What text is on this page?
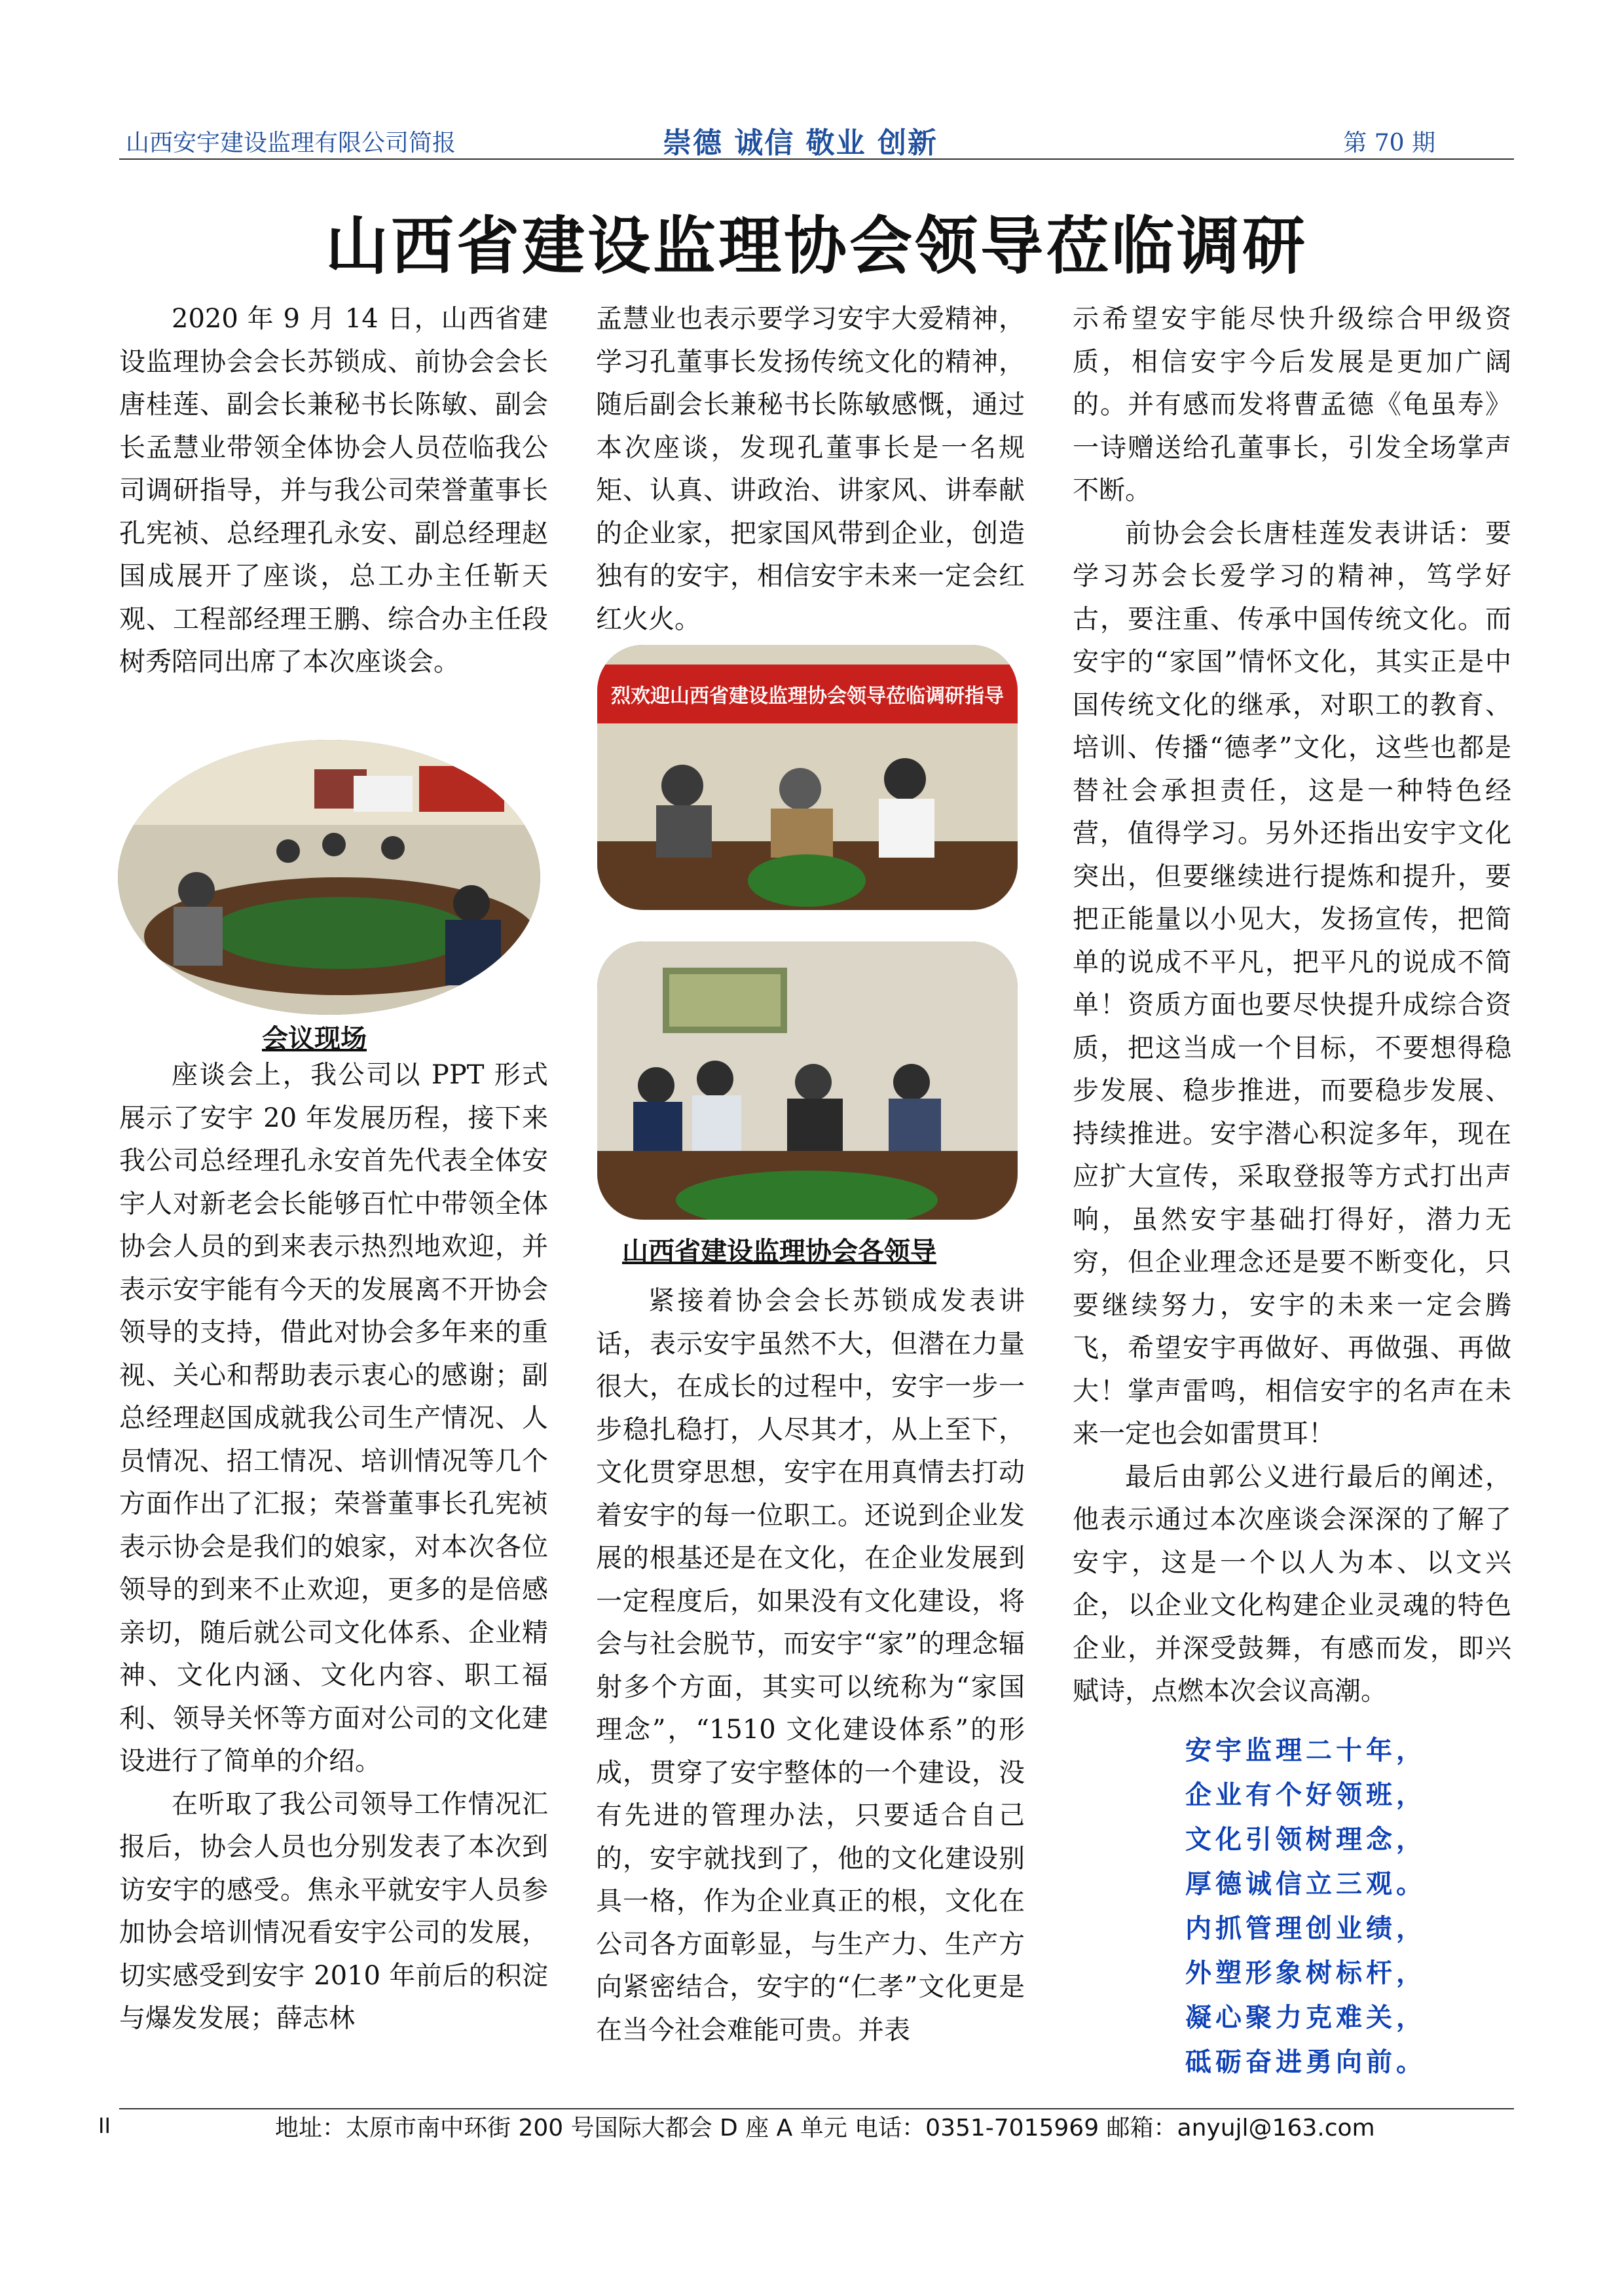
山西安宇建设监理有限公司简报	崇德 诚信 敬业 创新	第 70 期
山西省建设监理协会领导莅临调研

2020 年 9 月 14 日，山西省建设监理协会会长苏锁成、前协会会长唐桂莲、副会长兼秘书长陈敏、副会长孟慧业带领全体协会人员莅临我公司调研指导，并与我公司荣誉董事长孔宪祯、总经理孔永安、副总经理赵国成展开了座谈，总工办主任靳天观、工程部经理王鹏、综合办主任段树秀陪同出席了本次座谈会。

会议现场

座谈会上，我公司以 PPT 形式展示了安宇 20 年发展历程，接下来我公司总经理孔永安首先代表全体安宇人对新老会长能够百忙中带领全体协会人员的到来表示热烈地欢迎，并表示安宇能有今天的发展离不开协会领导的支持，借此对协会多年来的重视、关心和帮助表示衷心的感谢；副总经理赵国成就我公司生产情况、人员情况、招工情况、培训情况等几个方面作出了汇报；荣誉董事长孔宪祯表示协会是我们的娘家，对本次各位领导的到来不止欢迎，更多的是倍感亲切，随后就公司文化体系、企业精神、文化内涵、文化内容、职工福利、领导关怀等方面对公司的文化建设进行了简单的介绍。

在听取了我公司领导工作情况汇报后，协会人员也分别发表了本次到访安宇的感受。焦永平就安宇人员参加协会培训情况看安宇公司的发展，切实感受到安宇 2010 年前后的积淀与爆发发展；薛志林

孟慧业也表示要学习安宇大爱精神，学习孔董事长发扬传统文化的精神，随后副会长兼秘书长陈敏感慨，通过本次座谈，发现孔董事长是一名规矩、认真、讲政治、讲家风、讲奉献的企业家，把家国风带到企业，创造独有的安宇，相信安宇未来一定会红红火火。

烈欢迎山西省建设监理协会领导莅临调研指导
山西省建设监理协会各领导

紧接着协会会长苏锁成发表讲话，表示安宇虽然不大，但潜在力量很大，在成长的过程中，安宇一步一步稳扎稳打，人尽其才，从上至下，文化贯穿思想，安宇在用真情去打动着安宇的每一位职工。还说到企业发展的根基还是在文化，在企业发展到一定程度后，如果没有文化建设，将会与社会脱节，而安宇“家”的理念辐射多个方面，其实可以统称为“家国理念”，“1510 文化建设体系”的形成，贯穿了安宇整体的一个建设，没有先进的管理办法，只要适合自己的，安宇就找到了，他的文化建设别具一格，作为企业真正的根，文化在公司各方面彰显，与生产力、生产方向紧密结合，安宇的“仁孝”文化更是在当今社会难能可贵。并表

示希望安宇能尽快升级综合甲级资质，相信安宇今后发展是更加广阔的。并有感而发将曹孟德《龟虽寿》一诗赠送给孔董事长，引发全场掌声不断。

前协会会长唐桂莲发表讲话：要学习苏会长爱学习的精神，笃学好古，要注重、传承中国传统文化。而安宇的“家国”情怀文化，其实正是中国传统文化的继承，对职工的教育、培训、传播“德孝”文化，这些也都是替社会承担责任，这是一种特色经营，值得学习。另外还指出安宇文化突出，但要继续进行提炼和提升，要把正能量以小见大，发扬宣传，把简单的说成不平凡，把平凡的说成不简单！资质方面也要尽快提升成综合资质，把这当成一个目标，不要想得稳步发展、稳步推进，而要稳步发展、持续推进。安宇潜心积淀多年，现在应扩大宣传，采取登报等方式打出声响，虽然安宇基础打得好，潜力无穷，但企业理念还是要不断变化，只要继续努力，安宇的未来一定会腾飞，希望安宇再做好、再做强、再做大！掌声雷鸣，相信安宇的名声在未来一定也会如雷贯耳！

最后由郭公义进行最后的阐述，他表示通过本次座谈会深深的了解了安宇，这是一个以人为本、以文兴企，以企业文化构建企业灵魂的特色企业，并深受鼓舞，有感而发，即兴赋诗，点燃本次会议高潮。

安宇监理二十年，
企业有个好领班，
文化引领树理念，
厚德诚信立三观。
内抓管理创业绩，
外塑形象树标杆，
凝心聚力克难关，
砥砺奋进勇向前。
II	地址：太原市南中环街 200 号国际大都会 D 座 A 单元 电话：0351-7015969 邮箱：anyujl@163.com
